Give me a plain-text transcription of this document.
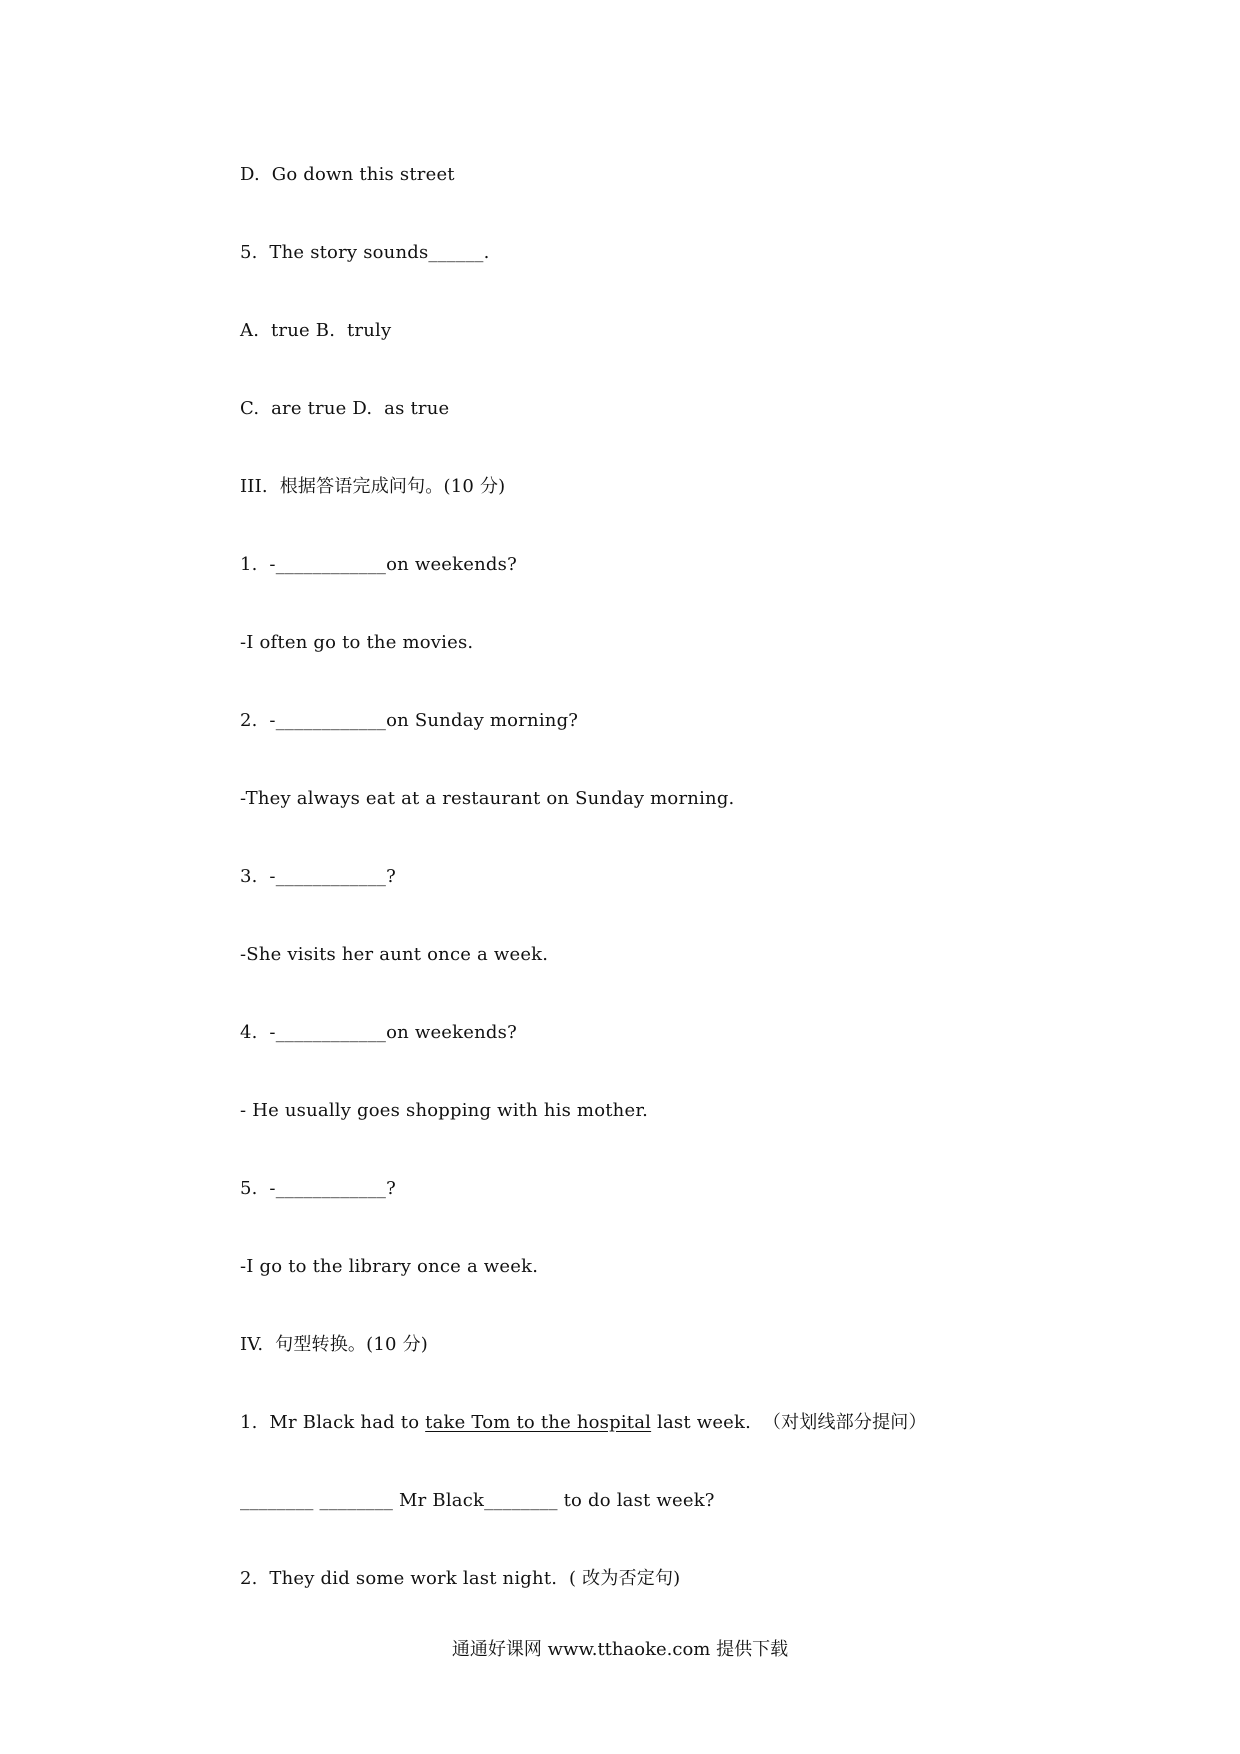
D.  Go down this street
5.  The story sounds______.
A.  true B.  truly
C.  are true D.  as true
III.  根据答语完成问句。(10 分)
1.  -____________on weekends?
-I often go to the movies.
2.  -____________on Sunday morning?
-They always eat at a restaurant on Sunday morning.
3.  -____________?
-She visits her aunt once a week.
4.  -____________on weekends?
- He usually goes shopping with his mother.
5.  -____________?
-I go to the library once a week.
IV.  句型转换。(10 分)
1.  Mr Black had to take Tom to the hospital last week.  （对划线部分提问）
________ ________ Mr Black________ to do last week?
2.  They did some work last night.  ( 改为否定句)
通通好课网 www.tthaoke.com 提供下载
